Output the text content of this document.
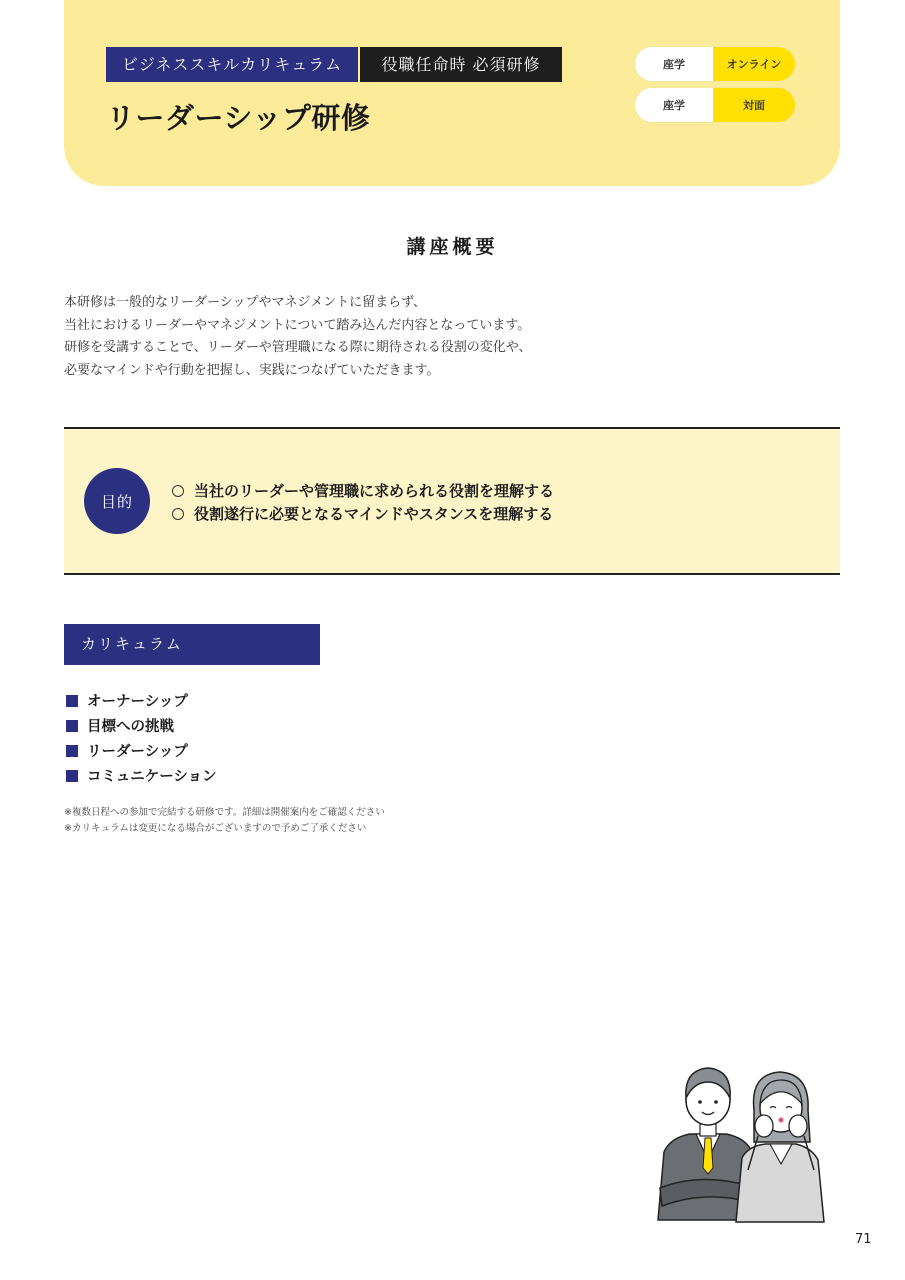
ビジネススキルカリキュラム	役職任命時 必須研修
リーダーシップ研修
座学	オンライン
座学	対面
講座概要
本研修は一般的なリーダーシップやマネジメントに留まらず、
当社におけるリーダーやマネジメントについて踏み込んだ内容となっています。
研修を受講することで、リーダーや管理職になる際に期待される役割の変化や、
必要なマインドや行動を把握し、実践につなげていただきます。
目的
当社のリーダーや管理職に求められる役割を理解する
役割遂行に必要となるマインドやスタンスを理解する
カリキュラム
オーナーシップ
目標への挑戦
リーダーシップ
コミュニケーション
※複数日程への参加で完結する研修です。詳細は開催案内をご確認ください
※カリキュラムは変更になる場合がございますので予めご了承ください
71
